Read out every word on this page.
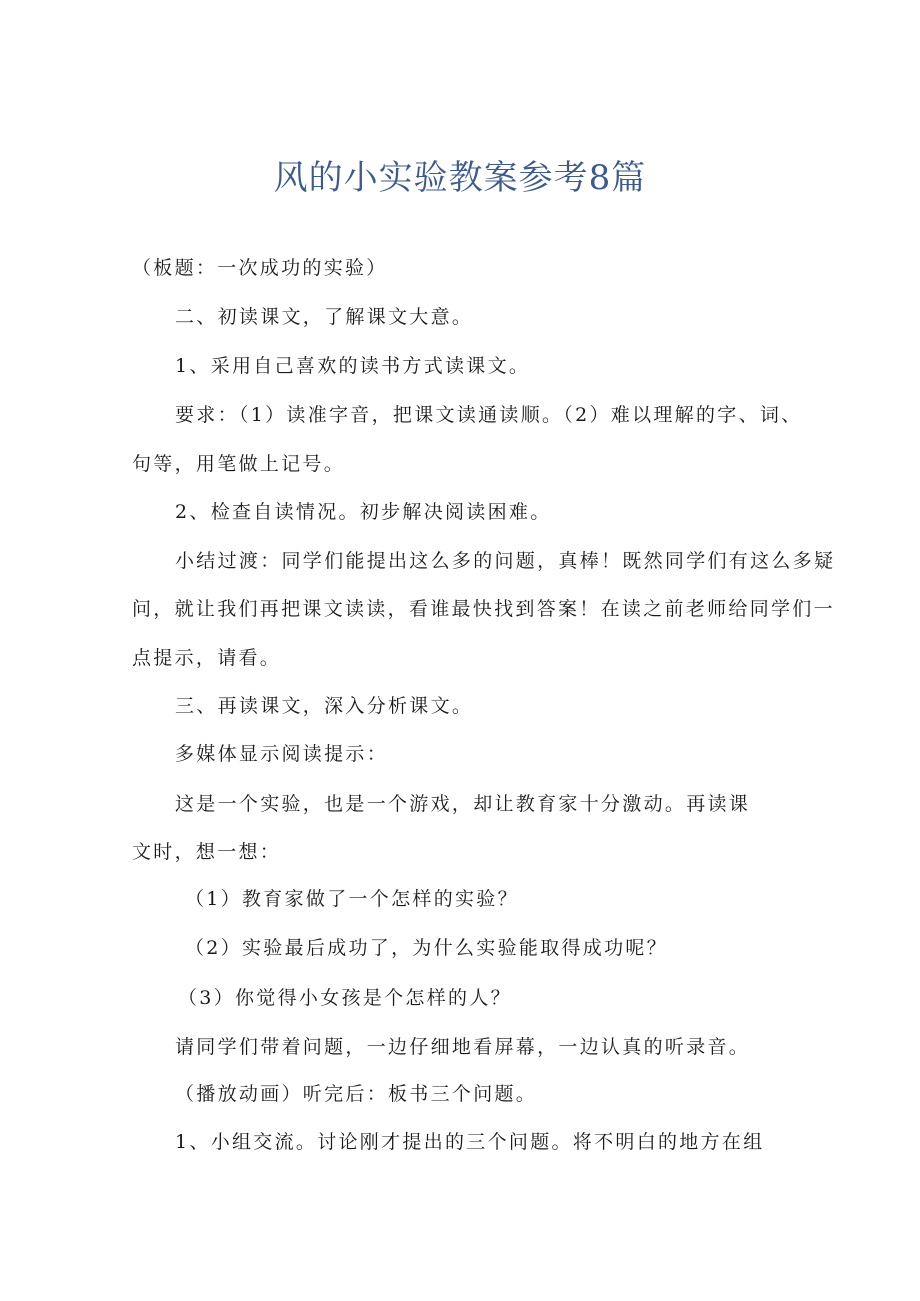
风的小实验教案参考8篇
（板题：一次成功的实验）
二、初读课文，了解课文大意。
1、采用自己喜欢的读书方式读课文。
要求：（1）读准字音，把课文读通读顺。（2）难以理解的字、词、
句等，用笔做上记号。
2、检查自读情况。初步解决阅读困难。
小结过渡：同学们能提出这么多的问题，真棒！既然同学们有这么多疑
问，就让我们再把课文读读，看谁最快找到答案！在读之前老师给同学们一
点提示，请看。
三、再读课文，深入分析课文。
多媒体显示阅读提示：
这是一个实验，也是一个游戏，却让教育家十分激动。再读课
文时，想一想：
（1）教育家做了一个怎样的实验？
（2）实验最后成功了，为什么实验能取得成功呢？
（3）你觉得小女孩是个怎样的人？
请同学们带着问题，一边仔细地看屏幕，一边认真的听录音。
（播放动画）听完后：板书三个问题。
1、小组交流。讨论刚才提出的三个问题。将不明白的地方在组
